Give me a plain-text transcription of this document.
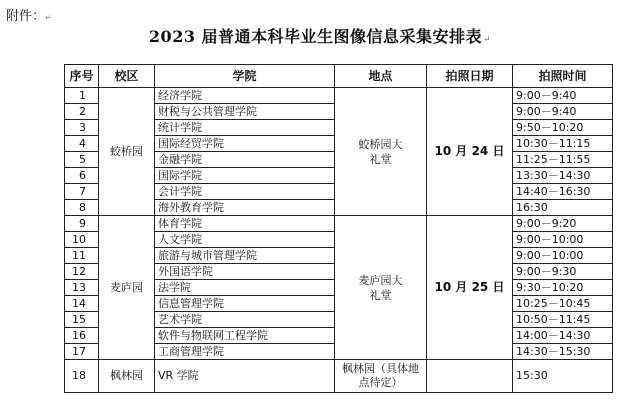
附件：↵
2023 届普通本科毕业生图像信息采集安排表↵
序号	校区	学院	地点	拍照日期	拍照时间
1	蛟桥园	经济学院	蛟桥园大礼堂	10 月 24 日	9:00－9:40
2		财税与公共管理学院			9:00－9:40
3		统计学院			9:50－10:20
4		国际经贸学院			10:30－11:15
5		金融学院			11:25－11:55
6		国际学院			13:30－14:30
7		会计学院			14:40－16:30
8		海外教育学院			16:30
9	麦庐园	体育学院	麦庐园大礼堂	10 月 25 日	9:00－9:20
10		人文学院			9:00－10:00
11		旅游与城市管理学院			9:00－10:00
12		外国语学院			9:00－9:30
13		法学院			9:30－10:20
14		信息管理学院			10:25－10:45
15		艺术学院			10:50－11:45
16		软件与物联网工程学院			14:00－14:30
17		工商管理学院			14:30－15:30
18	枫林园	VR 学院	枫林园（具体地点待定）		15:30
